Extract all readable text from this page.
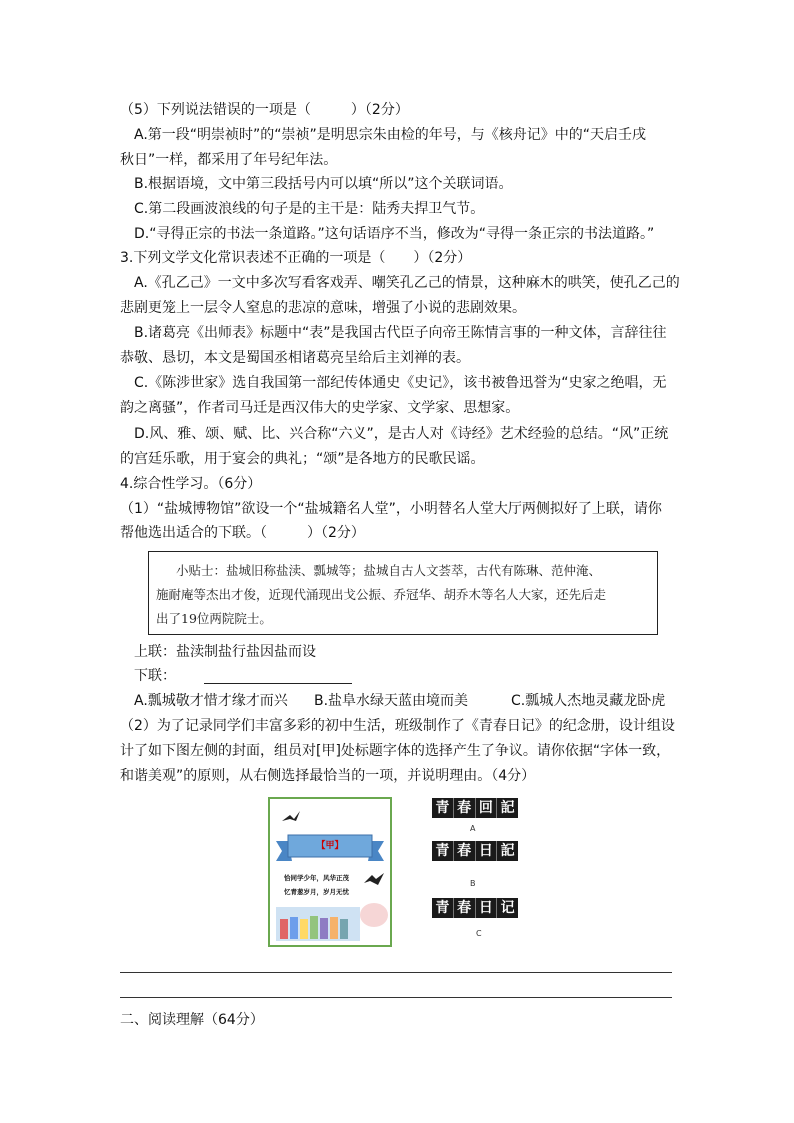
（5）下列说法错误的一项是（	）（2分）
A.第一段“明崇祯时”的“崇祯”是明思宗朱由检的年号，与《核舟记》中的“天启壬戌
秋日”一样，都采用了年号纪年法。
B.根据语境，文中第三段括号内可以填“所以”这个关联词语。
C.第二段画波浪线的句子是的主干是：陆秀夫捍卫气节。
D.“寻得正宗的书法一条道路。”这句话语序不当，修改为“寻得一条正宗的书法道路。”
3.下列文学文化常识表述不正确的一项是（ ）（2分）
A.《孔乙己》一文中多次写看客戏弄、嘲笑孔乙己的情景，这种麻木的哄笑，使孔乙己的
悲剧更笼上一层令人窒息的悲凉的意味，增强了小说的悲剧效果。
B.诸葛亮《出师表》标题中“表”是我国古代臣子向帝王陈情言事的一种文体，言辞往往
恭敬、恳切，本文是蜀国丞相诸葛亮呈给后主刘禅的表。
C.《陈涉世家》选自我国第一部纪传体通史《史记》，该书被鲁迅誉为“史家之绝唱，无
韵之离骚”，作者司马迁是西汉伟大的史学家、文学家、思想家。
D.风、雅、颂、赋、比、兴合称“六义”，是古人对《诗经》艺术经验的总结。“风”正统
的宫廷乐歌，用于宴会的典礼；“颂”是各地方的民歌民谣。
4.综合性学习。（6分）
（1）“盐城博物馆”欲设一个“盐城籍名人堂”，小明替名人堂大厅两侧拟好了上联，请你
帮他选出适合的下联。（	）（2分）
小贴士：盐城旧称盐渎、瓢城等；盐城自古人文荟萃，古代有陈琳、范仲淹、
施耐庵等杰出才俊，近现代涌现出戈公振、乔冠华、胡乔木等名人大家，还先后走
出了19位两院院士。
上联：盐渎制盐行盐因盐而设
下联：
A.瓢城敬才惜才缘才而兴 B.盐阜水绿天蓝由境而美	C.瓢城人杰地灵藏龙卧虎
（2）为了记录同学们丰富多彩的初中生活，班级制作了《青春日记》的纪念册，设计组设
计了如下图左侧的封面，组员对[甲]处标题字体的选择产生了争议。请你依据“字体一致，
和谐美观”的原则，从右侧选择最恰当的一项，并说明理由。（4分）
【甲】
恰同学少年，风华正茂
忆青葱岁月，岁月无忧
青 春 回 記
A
青 春 日 記
B
青 春 日 记
C
二、阅读理解（64分）
